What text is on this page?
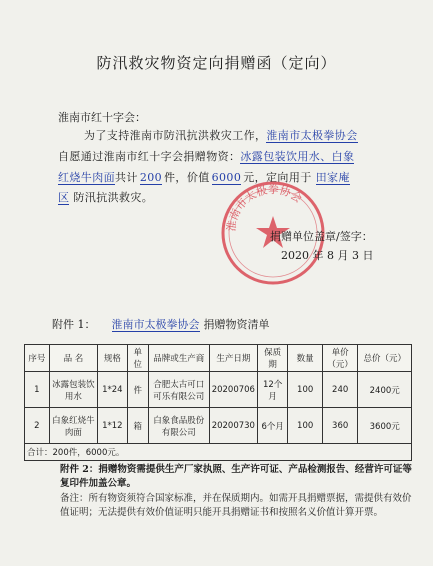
防汛救灾物资定向捐赠函（定向）
淮南市红十字会：
为了支持淮南市防汛抗洪救灾工作，淮南市太极拳协会
自愿通过淮南市红十字会捐赠物资：冰露包装饮用水、白象
红烧牛肉面共计 200 件，价值 6000 元，定向用于 田家庵
区 防汛抗洪救灾。
淮南市太极拳协会
捐赠单位盖章/签字：
2020 年 8 月 3 日
附件 1： 淮南市太极拳协会 捐赠物资清单
序号	品 名	规格	单位	品牌或生产商	生产日期	保质期	数量	单价（元）	总价（元）
1	冰露包装饮用水	1*24	件	合肥太古可口可乐有限公司	20200706	12个月	100	240	2400元
2	白象红烧牛肉面	1*12	箱	白象食品股份有限公司	20200730	6个月	100	360	3600元
合计：200件，6000元。									
附件 2：捐赠物资需提供生产厂家执照、生产许可证、产品检测报告、经营许可证等复印件加盖公章。
备注：所有物资须符合国家标准，并在保质期内。如需开具捐赠票据，需提供有效价值证明；无法提供有效价值证明只能开具捐赠证书和按照名义价值计算开票。
